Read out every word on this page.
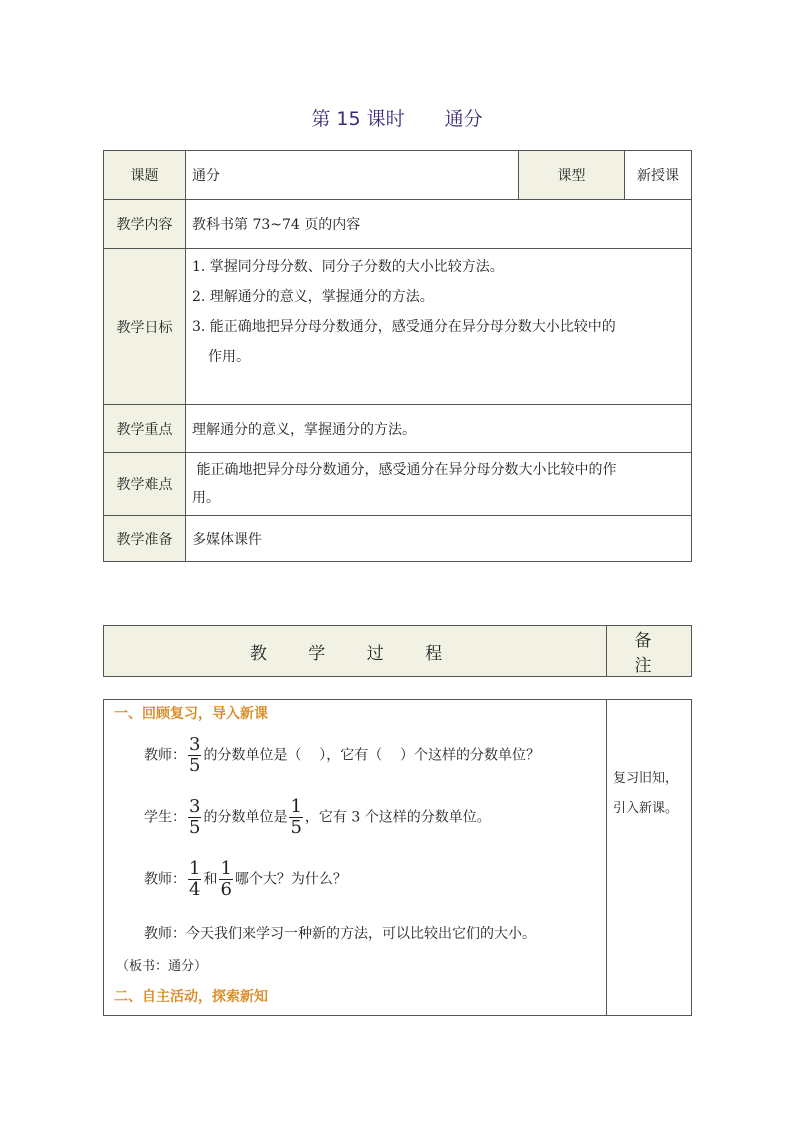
第 15 课时 通分
课题	通分	课型	新授课
教学内容	教科书第 73~74 页的内容		
教学日标	1. 掌握同分母分数、同分子分数的大小比较方法。
2. 理解通分的意义，掌握通分的方法。
3. 能正确地把异分母分数通分，感受通分在异分母分数大小比较中的
作用。		

教学重点	理解通分的意义，掌握通分的方法。		
教学难点	能正确地把异分母分数通分，感受通分在异分母分数大小比较中的作
用。		

教学准备	多媒体课件		
教 学 过 程	备 注
一、回顾复习，导入新课
教师： $\frac{3}{5}$ 的分数单位是（    ），它有（    ）个这样的分数单位？
学生： $\frac{3}{5}$ 的分数单位是 $\frac{1}{5}$ ，它有 3 个这样的分数单位。
教师： $\frac{1}{4}$ 和 $\frac{1}{6}$ 哪个大？为什么？
教师：今天我们来学习一种新的方法，可以比较出它们的大小。
（板书：通分）
二、自主活动，探索新知

复习旧知，
引入新课。
